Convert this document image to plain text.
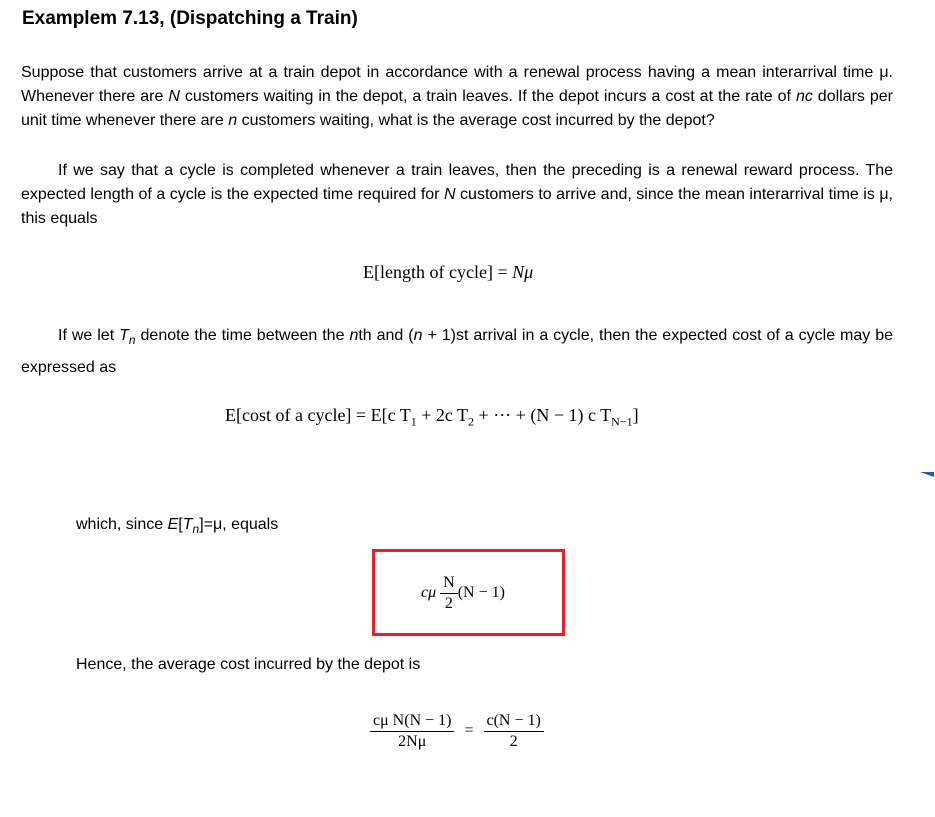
Examplem 7.13, (Dispatching a Train)
Suppose that customers arrive at a train depot in accordance with a renewal process having a mean interarrival time μ. Whenever there are N customers waiting in the depot, a train leaves. If the depot incurs a cost at the rate of nc dollars per unit time whenever there are n customers waiting, what is the average cost incurred by the depot?
If we say that a cycle is completed whenever a train leaves, then the preceding is a renewal reward process. The expected length of a cycle is the expected time required for N customers to arrive and, since the mean interarrival time is μ, this equals
E[length of cycle] = Nμ
If we let $T_n$ denote the time between the nth and (n + 1)st arrival in a cycle, then the expected cost of a cycle may be expressed as
E[cost of a cycle] = E[c $T_1 + 2c$ $T_2$ + ··· + (N − 1) c $T_{N-1}$]
which, since $E[T_n]=\mu$, equals
cμ $\frac{N}{2} (N - 1)$
Hence, the average cost incurred by the depot is
$\frac{\text{cμ N(N − 1)}}{2N\mu} = \frac{c(N - 1)}{2}$
